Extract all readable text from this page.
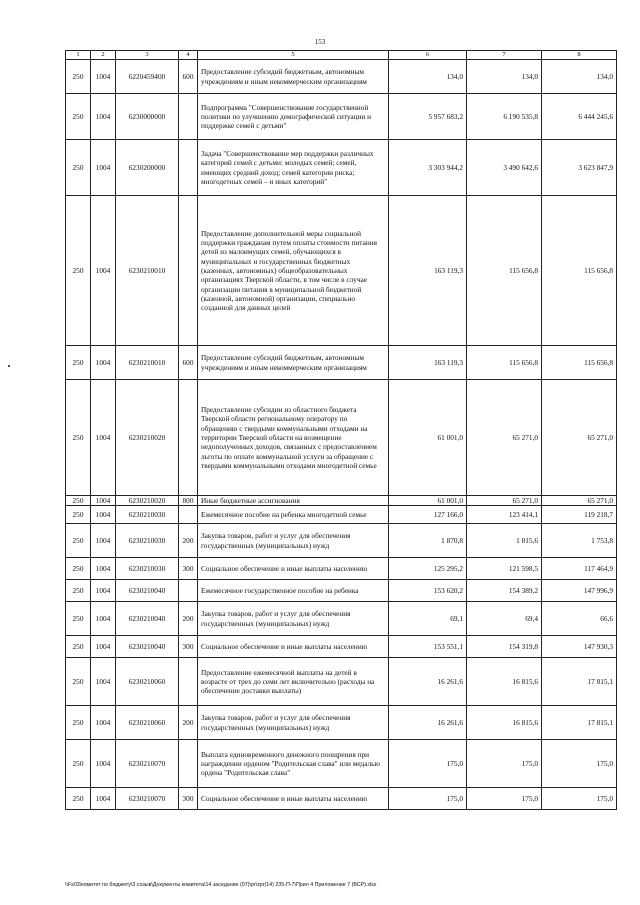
153
1	2	3	4	5	6	7	8
250	1004	6220459400	600	Предоставление субсидий бюджетным, автономным учреждениям и иным некоммерческим организациям	134,0	134,0	134,0
250	1004	6230000000		Подпрограмма "Совершенствование государственной политики по улучшению демографической ситуации и поддержке семей с детьми"	5 957 683,2	6 190 535,8	6 444 245,6
250	1004	6230200000		Задача "Совершенствование мер поддержки различных категорий семей с детьми: молодых семей; семей, имеющих средний доход; семей категории риска; многодетных семей – и иных категорий"	3 303 944,2	3 490 642,6	3 623 847,9
250	1004	6230210010		Предоставление дополнительной меры социальной поддержки гражданам путем оплаты стоимости питания детей из малоимущих семей, обучающихся в муниципальных и государственных бюджетных (казенных, автономных) общеобразовательных организациях Тверской области, в том числе в случае организации питания в муниципальной бюджетной (казенной, автономной) организации, специально созданной для данных целей	163 119,3	115 656,8	115 656,8
250	1004	6230210010	600	Предоставление субсидий бюджетным, автономным учреждениям и иным некоммерческим организациям	163 119,3	115 656,8	115 656,8
250	1004	6230210020		Предоставление субсидии из областного бюджета Тверской области региональному оператору по обращению с твердыми коммунальными отходами на территории Тверской области на возмещение недополученных доходов, связанных с предоставлением льготы по оплате коммунальной услуги за обращение с твердыми коммунальными отходами многодетной семье	61 001,0	65 271,0	65 271,0
250	1004	6230210020	800	Иные бюджетные ассигнования	61 001,0	65 271,0	65 271,0
250	1004	6230210030		Ежемесячное пособие на ребенка многодетной семье	127 166,0	123 414,1	119 218,7
250	1004	6230210030	200	Закупка товаров, работ и услуг для обеспечения государственных (муниципальных) нужд	1 870,8	1 815,6	1 753,8
250	1004	6230210030	300	Социальное обеспечение и иные выплаты населению	125 295,2	121 598,5	117 464,9
250	1004	6230210040		Ежемесячное государственное пособие на ребенка	153 620,2	154 389,2	147 996,9
250	1004	6230210040	200	Закупка товаров, работ и услуг для обеспечения государственных (муниципальных) нужд	69,1	69,4	66,6
250	1004	6230210040	300	Социальное обеспечение и иные выплаты населению	153 551,1	154 319,8	147 930,3
250	1004	6230210060		Предоставление ежемесячной выплаты на детей в возрасте от трех до семи лет включительно (расходы на обеспечение доставки выплаты)	16 261,6	16 815,6	17 815,1
250	1004	6230210060	200	Закупка товаров, работ и услуг для обеспечения государственных (муниципальных) нужд	16 261,6	16 815,6	17 815,1
250	1004	6230210070		Выплата единовременного денежного поощрения при награждении орденом "Родительская слава" или медалью ордена "Родительская слава"	175,0	175,0	175,0
250	1004	6230210070	300	Социальное обеспечение и иные выплаты населению	175,0	175,0	175,0
\\Fs03\комитет по бюджету\3 созыв\Документы комитета\14 заседание (07)\pr\zpr(14) 235-П-7\Прил 4 Приложение 7 (ВСР).xlsx
